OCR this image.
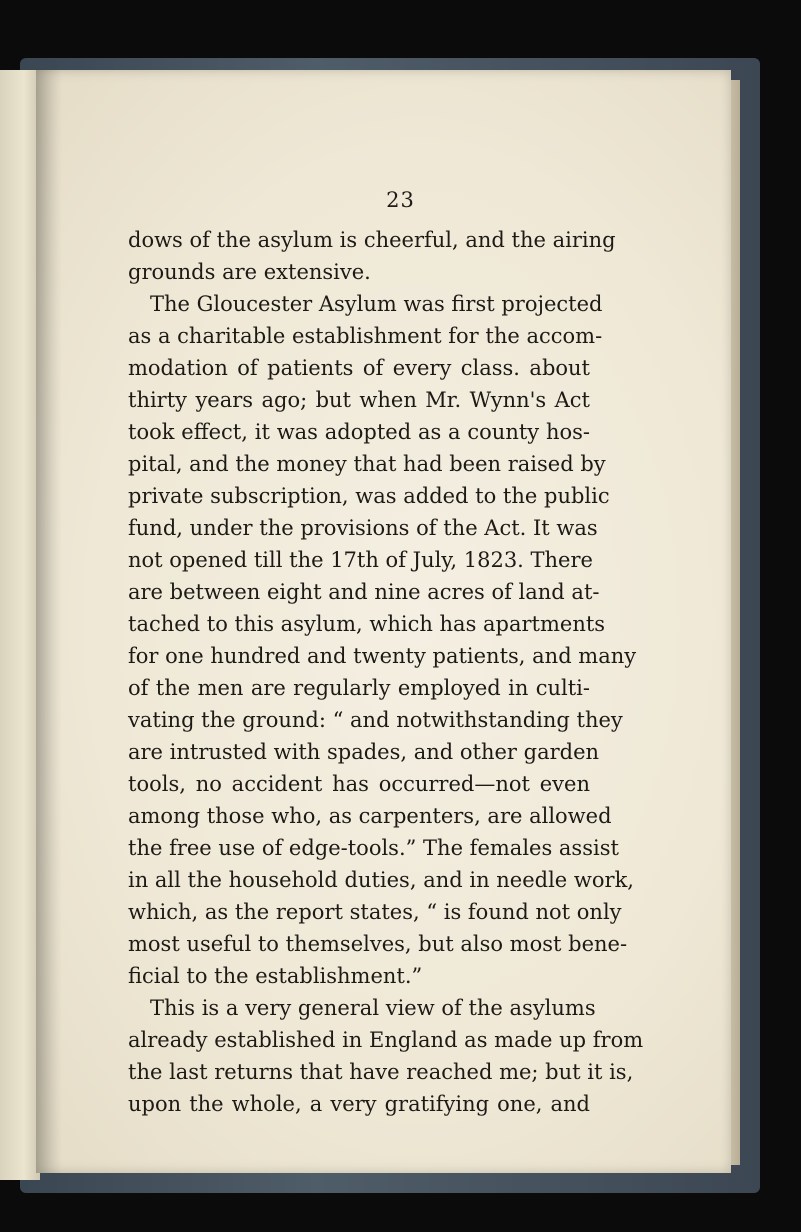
23
dows of the asylum is cheerful, and the airing
grounds are extensive.
The Gloucester Asylum was first projected
as a charitable establishment for the accom-
modation of patients of every class. about
thirty years ago; but when Mr. Wynn's Act
took effect, it was adopted as a county hos-
pital, and the money that had been raised by
private subscription, was added to the public
fund, under the provisions of the Act. It was
not opened till the 17th of July, 1823. There
are between eight and nine acres of land at-
tached to this asylum, which has apartments
for one hundred and twenty patients, and many
of the men are regularly employed in culti-
vating the ground: “ and notwithstanding they
are intrusted with spades, and other garden
tools, no accident has occurred—not even
among those who, as carpenters, are allowed
the free use of edge-tools.” The females assist
in all the household duties, and in needle work,
which, as the report states, “ is found not only
most useful to themselves, but also most bene-
ficial to the establishment.”
This is a very general view of the asylums
already established in England as made up from
the last returns that have reached me; but it is,
upon the whole, a very gratifying one, and
